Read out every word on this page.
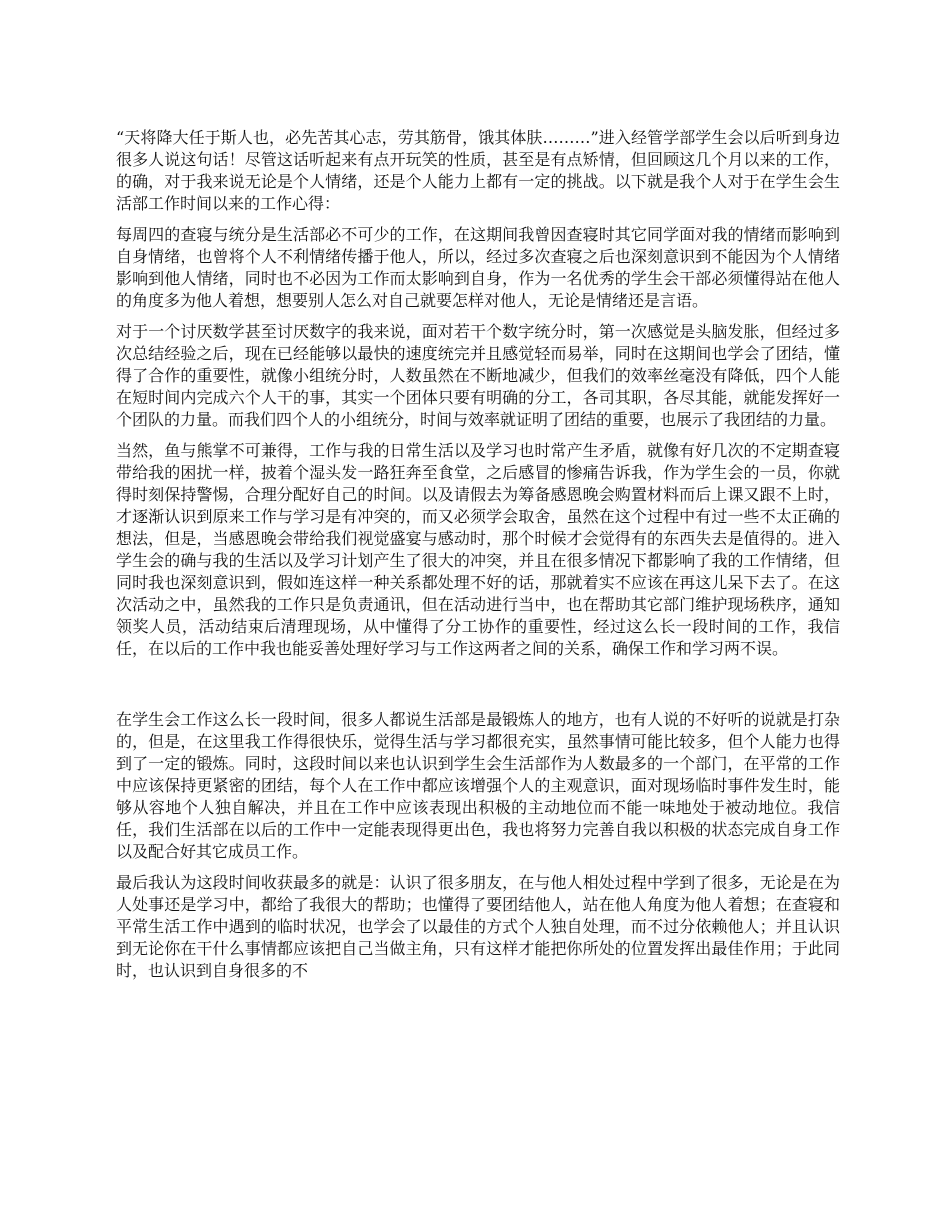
“天将降大任于斯人也，必先苦其心志，劳其筋骨，饿其体肤………”进入经管学部学生会以后听到身边很多人说这句话！尽管这话听起来有点开玩笑的性质，甚至是有点矫情，但回顾这几个月以来的工作，的确，对于我来说无论是个人情绪，还是个人能力上都有一定的挑战。以下就是我个人对于在学生会生活部工作时间以来的工作心得：

每周四的查寝与统分是生活部必不可少的工作，在这期间我曾因查寝时其它同学面对我的情绪而影响到自身情绪，也曾将个人不利情绪传播于他人，所以，经过多次查寝之后也深刻意识到不能因为个人情绪影响到他人情绪，同时也不必因为工作而太影响到自身，作为一名优秀的学生会干部必须懂得站在他人的角度多为他人着想，想要别人怎么对自己就要怎样对他人，无论是情绪还是言语。

对于一个讨厌数学甚至讨厌数字的我来说，面对若干个数字统分时，第一次感觉是头脑发胀，但经过多次总结经验之后，现在已经能够以最快的速度统完并且感觉轻而易举，同时在这期间也学会了团结，懂得了合作的重要性，就像小组统分时，人数虽然在不断地减少，但我们的效率丝毫没有降低，四个人能在短时间内完成六个人干的事，其实一个团体只要有明确的分工，各司其职，各尽其能，就能发挥好一个团队的力量。而我们四个人的小组统分，时间与效率就证明了团结的重要，也展示了我团结的力量。

当然，鱼与熊掌不可兼得，工作与我的日常生活以及学习也时常产生矛盾，就像有好几次的不定期查寝带给我的困扰一样，披着个湿头发一路狂奔至食堂，之后感冒的惨痛告诉我，作为学生会的一员，你就得时刻保持警惕，合理分配好自己的时间。以及请假去为筹备感恩晚会购置材料而后上课又跟不上时，才逐渐认识到原来工作与学习是有冲突的，而又必须学会取舍，虽然在这个过程中有过一些不太正确的想法，但是，当感恩晚会带给我们视觉盛宴与感动时，那个时候才会觉得有的东西失去是值得的。进入学生会的确与我的生活以及学习计划产生了很大的冲突，并且在很多情况下都影响了我的工作情绪，但同时我也深刻意识到，假如连这样一种关系都处理不好的话，那就着实不应该在再这儿呆下去了。在这次活动之中，虽然我的工作只是负责通讯，但在活动进行当中，也在帮助其它部门维护现场秩序，通知领奖人员，活动结束后清理现场，从中懂得了分工协作的重要性，经过这么长一段时间的工作，我信任，在以后的工作中我也能妥善处理好学习与工作这两者之间的关系，确保工作和学习两不误。

在学生会工作这么长一段时间，很多人都说生活部是最锻炼人的地方，也有人说的不好听的说就是打杂的，但是，在这里我工作得很快乐，觉得生活与学习都很充实，虽然事情可能比较多，但个人能力也得到了一定的锻炼。同时，这段时间以来也认识到学生会生活部作为人数最多的一个部门，在平常的工作中应该保持更紧密的团结，每个人在工作中都应该增强个人的主观意识，面对现场临时事件发生时，能够从容地个人独自解决，并且在工作中应该表现出积极的主动地位而不能一味地处于被动地位。我信任，我们生活部在以后的工作中一定能表现得更出色，我也将努力完善自我以积极的状态完成自身工作以及配合好其它成员工作。

最后我认为这段时间收获最多的就是：认识了很多朋友，在与他人相处过程中学到了很多，无论是在为人处事还是学习中，都给了我很大的帮助；也懂得了要团结他人，站在他人角度为他人着想；在查寝和平常生活工作中遇到的临时状况，也学会了以最佳的方式个人独自处理，而不过分依赖他人；并且认识到无论你在干什么事情都应该把自己当做主角，只有这样才能把你所处的位置发挥出最佳作用；于此同时，也认识到自身很多的不
